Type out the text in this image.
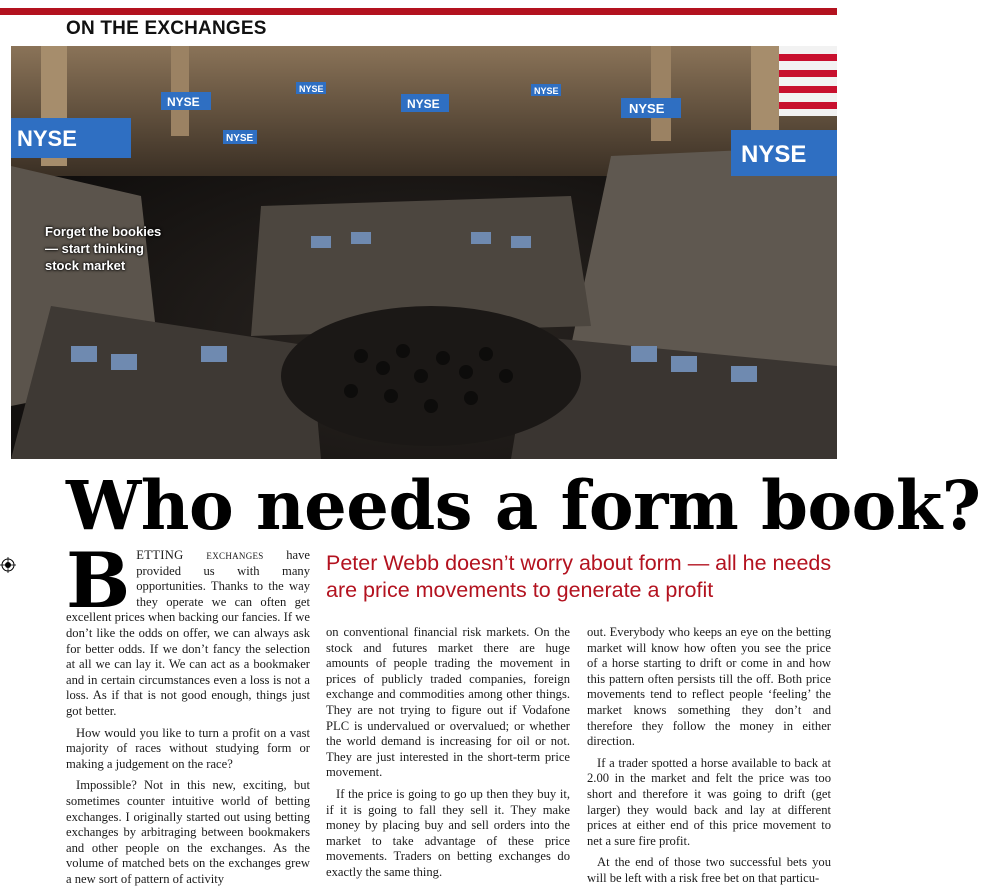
ON THE EXCHANGES
NYSE
NYSE	NYSE	NYSE
NYSE
NYSE	NYSE
NYSE
Forget the bookies — start thinking stock market
Who needs a form book?
Peter Webb doesn’t worry about form — all he needs are price movements to generate a profit

BETTING exchanges have provided us with many opportunities. Thanks to the way they operate we can often get excellent prices when backing our fancies. If we don’t like the odds on offer, we can always ask for better odds. If we don’t fancy the selection at all we can lay it. We can act as a bookmaker and in certain circumstances even a loss is not a loss. As if that is not good enough, things just got better.

How would you like to turn a profit on a vast majority of races without studying form or making a judgement on the race?

Impossible? Not in this new, exciting, but sometimes counter intuitive world of betting exchanges. I originally started out using betting exchanges by arbitraging between bookmakers and other people on the exchanges. As the volume of matched bets on the exchanges grew a new sort of pattern of activity

on conventional financial risk markets. On the stock and futures market there are huge amounts of people trading the movement in prices of publicly traded companies, foreign exchange and commodities among other things. They are not trying to figure out if Vodafone PLC is undervalued or overvalued; or whether the world demand is increasing for oil or not. They are just interested in the short-term price movement.

If the price is going to go up then they buy it, if it is going to fall they sell it. They make money by placing buy and sell orders into the market to take advantage of these price movements. Traders on betting exchanges do exactly the same thing.

out. Everybody who keeps an eye on the betting market will know how often you see the price of a horse starting to drift or come in and how this pattern often persists till the off. Both price movements tend to reflect people ‘feeling’ the market knows something they don’t and therefore they follow the money in either direction.

If a trader spotted a horse available to back at 2.00 in the market and felt the price was too short and therefore it was going to drift (get larger) they would back and lay at different prices at either end of this price movement to net a sure fire profit.

At the end of those two successful bets you will be left with a risk free bet on that particu-
